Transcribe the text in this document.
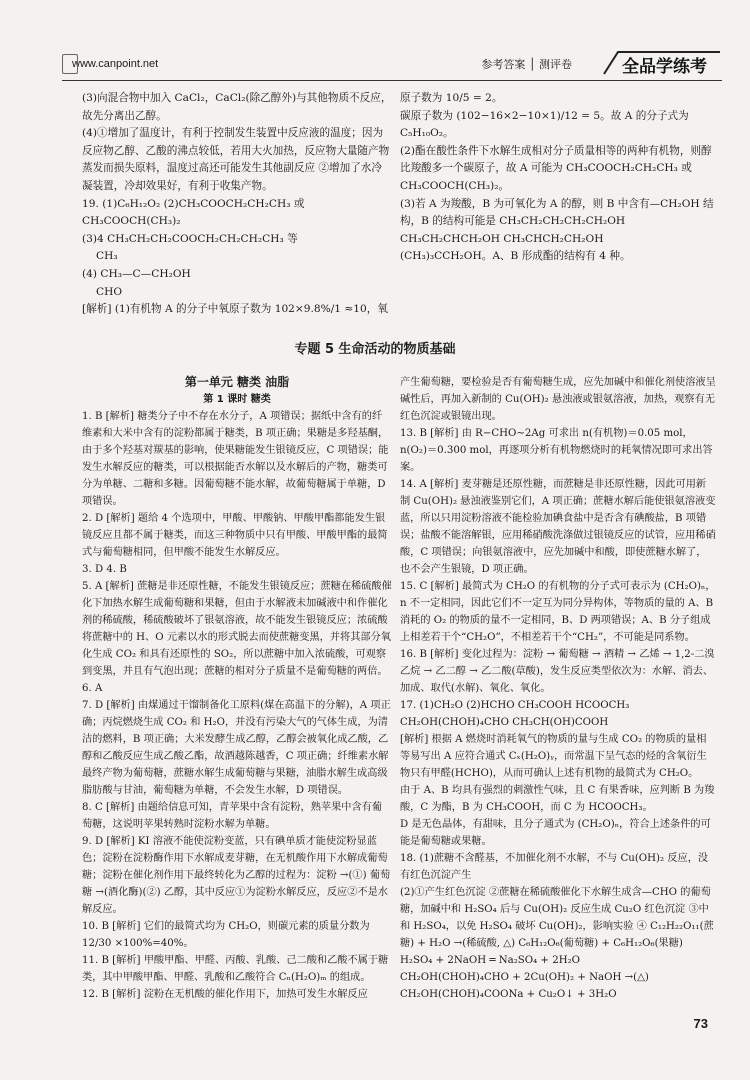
www.canpoint.net	参考答案 │ 测评卷	全品学练考

(3)向混合物中加入 CaCl₂，CaCl₂(除乙醇外)与其他物质不反应，故先分离出乙醇。

(4)①增加了温度计，有利于控制发生装置中反应液的温度；因为反应物乙醇、乙酸的沸点较低，若用大火加热，反应物大量随产物蒸发而损失原料，温度过高还可能发生其他副反应 ②增加了水冷凝装置，冷却效果好，有利于收集产物。

19. (1)C₆H₁₂O₂ (2)CH₃COOCH₂CH₂CH₃ 或 CH₃COOCH(CH₃)₂

(3)4 CH₃CH₂CH₂COOCH₂CH₂CH₂CH₃ 等

CH₃

(4) CH₃—C—CH₂OH

CHO

[解析] (1)有机物 A 的分子中氧原子数为 102×9.8%/1 ≈10，氧

原子数为 10/5 = 2。

碳原子数为 (102−16×2−10×1)/12 = 5。故 A 的分子式为 C₅H₁₀O₂。

(2)酯在酸性条件下水解生成相对分子质量相等的两种有机物，则醇比羧酸多一个碳原子，故 A 可能为 CH₃COOCH₂CH₂CH₃ 或 CH₃COOCH(CH₃)₂。

(3)若 A 为羧酸，B 为可氧化为 A 的醇，则 B 中含有—CH₂OH 结构，B 的结构可能是 CH₃CH₂CH₂CH₂CH₂OH

CH₃CH₂CHCH₂OH CH₃CHCH₂CH₂OH

(CH₃)₃CCH₂OH。A、B 形成酯的结构有 4 种。

专题 5 生命活动的物质基础

第一单元 糖类 油脂

第 1 课时 糖类

1. B [解析] 糖类分子中不存在水分子，A 项错误；据纸中含有的纤维素和大米中含有的淀粉都属于糖类，B 项正确；果糖是多羟基酮，由于多个羟基对羰基的影响，使果糖能发生银镜反应，C 项错误；能发生水解反应的糖类，可以根据能否水解以及水解后的产物，糖类可分为单糖、二糖和多糖。因葡萄糖不能水解，故葡萄糖属于单糖，D 项错误。

2. D [解析] 题给 4 个选项中，甲酸、甲酸钠、甲酸甲酯都能发生银镜反应且都不属于糖类，而这三种物质中只有甲酸、甲酸甲酯的最简式与葡萄糖相同，但甲酸不能发生水解反应。

3. D 4. B

5. A [解析] 蔗糖是非还原性糖，不能发生银镜反应；蔗糖在稀硫酸催化下加热水解生成葡萄糖和果糖，但由于水解液未加碱液中和作催化剂的稀硫酸，稀硫酸破坏了银氨溶液，故不能发生银镜反应；浓硫酸将蔗糖中的 H、O 元素以水的形式脱去而使蔗糖变黑，并将其部分氧化生成 CO₂ 和具有还原性的 SO₂，所以蔗糖中加入浓硫酸，可观察到变黑，并且有气泡出现；蔗糖的相对分子质量不是葡萄糖的两倍。

6. A

7. D [解析] 由煤通过干馏制备化工原料(煤在高温下的分解)，A 项正确；丙烷燃烧生成 CO₂ 和 H₂O，并没有污染大气的气体生成，为清洁的燃料，B 项正确；大米发酵生成乙醇，乙醇会被氧化成乙酸，乙醇和乙酸反应生成乙酸乙酯，故酒越陈越香，C 项正确；纤维素水解最终产物为葡萄糖，蔗糖水解生成葡萄糖与果糖，油脂水解生成高级脂肪酸与甘油，葡萄糖为单糖，不会发生水解，D 项错误。

8. C [解析] 由题给信息可知，青苹果中含有淀粉，熟苹果中含有葡萄糖，这说明苹果转熟时淀粉水解为单糖。

9. D [解析] KI 溶液不能使淀粉变蓝，只有碘单质才能使淀粉显蓝色；淀粉在淀粉酶作用下水解成麦芽糖，在无机酸作用下水解成葡萄糖；淀粉在催化剂作用下最终转化为乙醇的过程为：淀粉 →(①) 葡萄糖 →(酒化酶)(②) 乙醇，其中反应①为淀粉水解反应，反应②不是水解反应。

10. B [解析] 它们的最简式均为 CH₂O，则碳元素的质量分数为 12/30 ×100%=40%。

11. B [解析] 甲酸甲酯、甲醛、丙酸、乳酸、己二酸和乙酸不属于糖类，其中甲酸甲酯、甲醛、乳酸和乙酸符合 Cₙ(H₂O)ₘ 的组成。

12. B [解析] 淀粉在无机酸的催化作用下，加热可发生水解反应

产生葡萄糖，要检验是否有葡萄糖生成，应先加碱中和催化剂使溶液呈碱性后，再加入新制的 Cu(OH)₂ 悬浊液或银氨溶液，加热，观察有无红色沉淀或银镜出现。

13. B [解析] 由 R−CHO∼2Ag 可求出 n(有机物)＝0.05 mol，n(O₂)＝0.300 mol，再逐项分析有机物燃烧时的耗氧情况即可求出答案。

14. A [解析] 麦芽糖是还原性糖，而蔗糖是非还原性糖，因此可用新制 Cu(OH)₂ 悬浊液鉴别它们，A 项正确；蔗糖水解后能使银氨溶液变蓝，所以只用淀粉溶液不能检验加碘食盐中是否含有碘酸盐，B 项错误；盐酸不能溶解银，应用稀硝酸洗涤做过银镜反应的试管，应用稀硝酸，C 项错误；向银氨溶液中，应先加碱中和酸，即使蔗糖水解了，也不会产生银镜，D 项正确。

15. C [解析] 最简式为 CH₂O 的有机物的分子式可表示为 (CH₂O)ₙ，n 不一定相同，因此它们不一定互为同分异构体，等物质的量的 A、B 消耗的 O₂ 的物质的量不一定相同，B、D 两项错误；A、B 分子组成上相差若干个“CH₂O”，不相差若干个“CH₂”，不可能是同系物。

16. B [解析] 变化过程为：淀粉 → 葡萄糖 → 酒精 → 乙烯 → 1,2-二溴乙烷 → 乙二醇 → 乙二酸(草酸)，发生反应类型依次为：水解、消去、加成、取代(水解)、氧化、氧化。

17. (1)CH₂O (2)HCHO CH₃COOH HCOOCH₃ CH₂OH(CHOH)₄CHO CH₃CH(OH)COOH

[解析] 根据 A 燃烧时消耗氧气的物质的量与生成 CO₂ 的物质的量相等易写出 A 应符合通式 Cₓ(H₂O)ᵧ，而常温下呈气态的烃的含氧衍生物只有甲醛(HCHO)，从而可确认上述有机物的最简式为 CH₂O。

由于 A、B 均具有强烈的刺激性气味，且 C 有果香味，应判断 B 为羧酸，C 为酯，B 为 CH₃COOH，而 C 为 HCOOCH₃。

D 是无色晶体，有甜味，且分子通式为 (CH₂O)ₙ，符合上述条件的可能是葡萄糖或果糖。

18. (1)蔗糖不含醛基，不加催化剂不水解，不与 Cu(OH)₂ 反应，没有红色沉淀产生

(2)①产生红色沉淀 ②蔗糖在稀硫酸催化下水解生成含—CHO 的葡萄糖，加碱中和 H₂SO₄ 后与 Cu(OH)₂ 反应生成 Cu₂O 红色沉淀 ③中和 H₂SO₄，以免 H₂SO₄ 破坏 Cu(OH)₂，影响实验 ④ C₁₂H₂₂O₁₁(蔗糖) + H₂O →(稀硫酸, △) C₆H₁₂O₆(葡萄糖) + C₆H₁₂O₆(果糖)

H₂SO₄ + 2NaOH ═ Na₂SO₄ + 2H₂O

CH₂OH(CHOH)₄CHO + 2Cu(OH)₂ + NaOH →(△) CH₂OH(CHOH)₄COONa + Cu₂O↓ + 3H₂O

73
